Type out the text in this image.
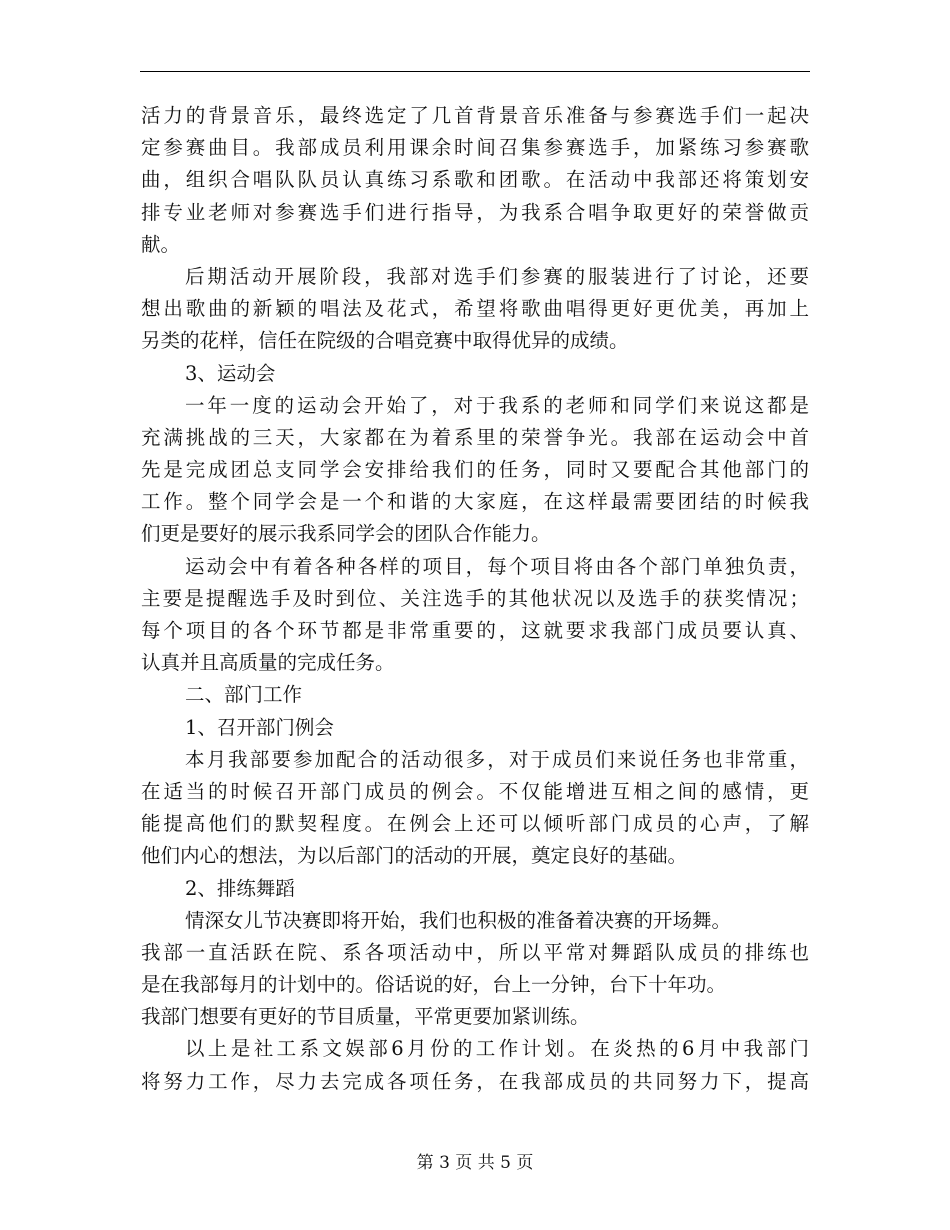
活力的背景音乐，最终选定了几首背景音乐准备与参赛选手们一起决
定参赛曲目。我部成员利用课余时间召集参赛选手，加紧练习参赛歌
曲，组织合唱队队员认真练习系歌和团歌。在活动中我部还将策划安
排专业老师对参赛选手们进行指导，为我系合唱争取更好的荣誉做贡
献。
后期活动开展阶段，我部对选手们参赛的服装进行了讨论，还要
想出歌曲的新颖的唱法及花式，希望将歌曲唱得更好更优美，再加上
另类的花样，信任在院级的合唱竞赛中取得优异的成绩。
3、运动会
一年一度的运动会开始了，对于我系的老师和同学们来说这都是
充满挑战的三天，大家都在为着系里的荣誉争光。我部在运动会中首
先是完成团总支同学会安排给我们的任务，同时又要配合其他部门的
工作。整个同学会是一个和谐的大家庭，在这样最需要团结的时候我
们更是要好的展示我系同学会的团队合作能力。
运动会中有着各种各样的项目，每个项目将由各个部门单独负责，
主要是提醒选手及时到位、关注选手的其他状况以及选手的获奖情况；
每个项目的各个环节都是非常重要的，这就要求我部门成员要认真、
认真并且高质量的完成任务。
二、部门工作
1、召开部门例会
本月我部要参加配合的活动很多，对于成员们来说任务也非常重，
在适当的时候召开部门成员的例会。不仅能增进互相之间的感情，更
能提高他们的默契程度。在例会上还可以倾听部门成员的心声，了解
他们内心的想法，为以后部门的活动的开展，奠定良好的基础。
2、排练舞蹈
情深女儿节决赛即将开始，我们也积极的准备着决赛的开场舞。
我部一直活跃在院、系各项活动中，所以平常对舞蹈队成员的排练也
是在我部每月的计划中的。俗话说的好，台上一分钟，台下十年功。
我部门想要有更好的节目质量，平常更要加紧训练。
以上是社工系文娱部6月份的工作计划。在炎热的6月中我部门
将努力工作，尽力去完成各项任务，在我部成员的共同努力下，提高
第 3 页 共 5 页
